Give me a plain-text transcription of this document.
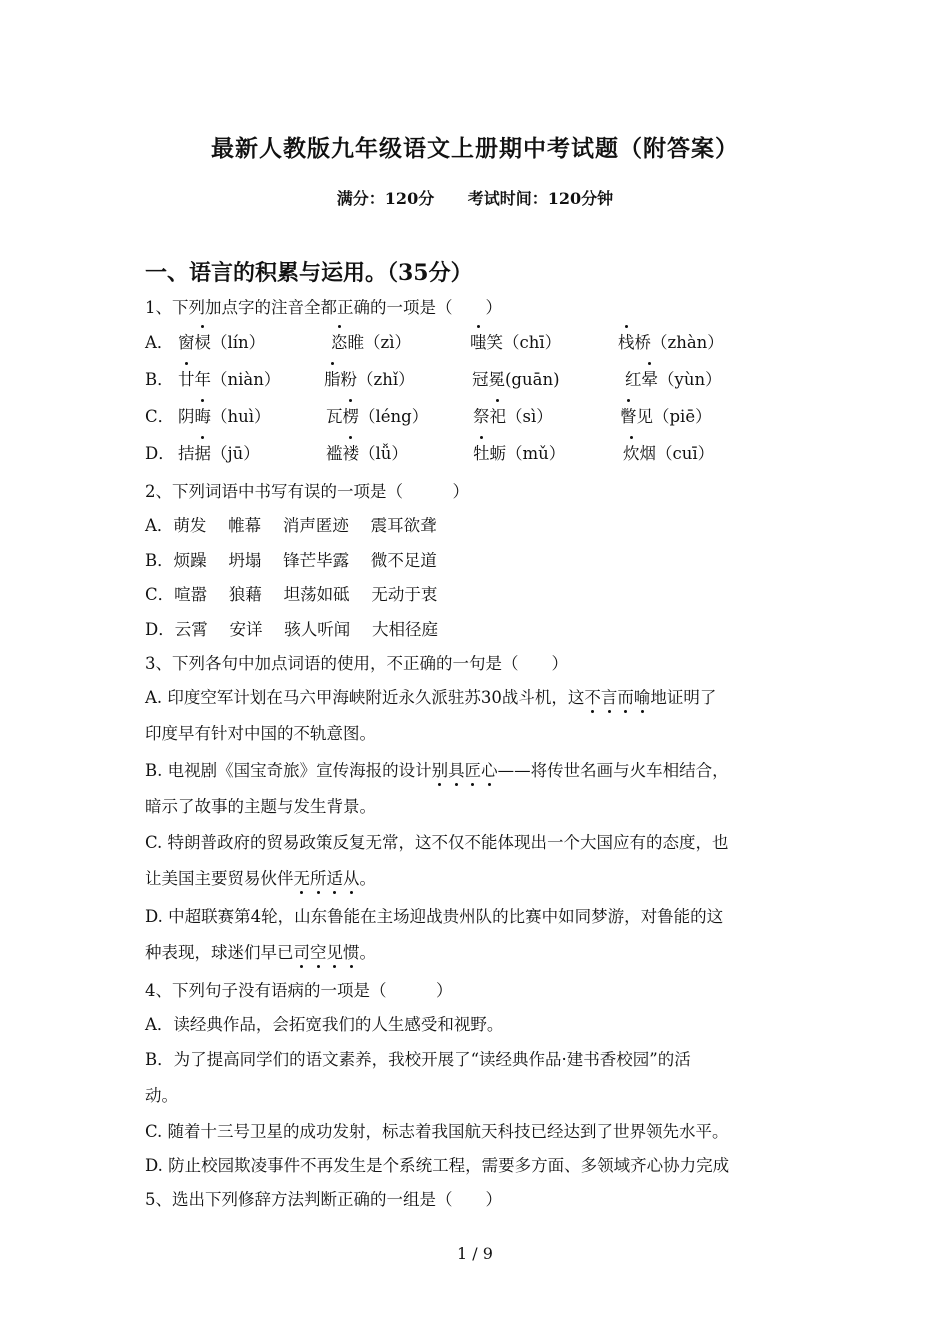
最新人教版九年级语文上册期中考试题（附答案）
满分：120分 考试时间：120分钟
一、语言的积累与运用。（35分）
1、下列加点字的注音全都正确的一项是（　　）
A． 窗棂（lín）	恣睢（zì）	嗤笑（chī）	栈桥（zhàn）
B． 廿年（niàn）	脂粉（zhǐ）	冠冕(guān)	红晕（yùn）
C． 阴晦（huì）	瓦楞（léng）	祭祀（sì）	瞥见（piē）
D． 拮据（jū）	褴褛（lǚ）	牡蛎（mǔ）	炊烟（cuī）
2、下列词语中书写有误的一项是（　　　）
A．萌发　 帷幕　 消声匿迹　 震耳欲聋
B．烦躁　 坍塌　 锋芒毕露　 微不足道
C．喧嚣　 狼藉　 坦荡如砥　 无动于衷
D．云霄　 安详　 骇人听闻　 大相径庭
3、下列各句中加点词语的使用，不正确的一句是（　　）
A. 印度空军计划在马六甲海峡附近永久派驻苏30战斗机，这不言而喻地证明了
印度早有针对中国的不轨意图。
B. 电视剧《国宝奇旅》宣传海报的设计别具匠心——将传世名画与火车相结合，
暗示了故事的主题与发生背景。
C. 特朗普政府的贸易政策反复无常，这不仅不能体现出一个大国应有的态度，也
让美国主要贸易伙伴无所适从。
D. 中超联赛第4轮，山东鲁能在主场迎战贵州队的比赛中如同梦游，对鲁能的这
种表现，球迷们早已司空见惯。
4、下列句子没有语病的一项是（　　　）
A．读经典作品，会拓宽我们的人生感受和视野。
B．为了提高同学们的语文素养，我校开展了“读经典作品·建书香校园”的活
动。
C. 随着十三号卫星的成功发射，标志着我国航天科技已经达到了世界领先水平。
D. 防止校园欺凌事件不再发生是个系统工程，需要多方面、多领域齐心协力完成
5、选出下列修辞方法判断正确的一组是（　　）
1 / 9
